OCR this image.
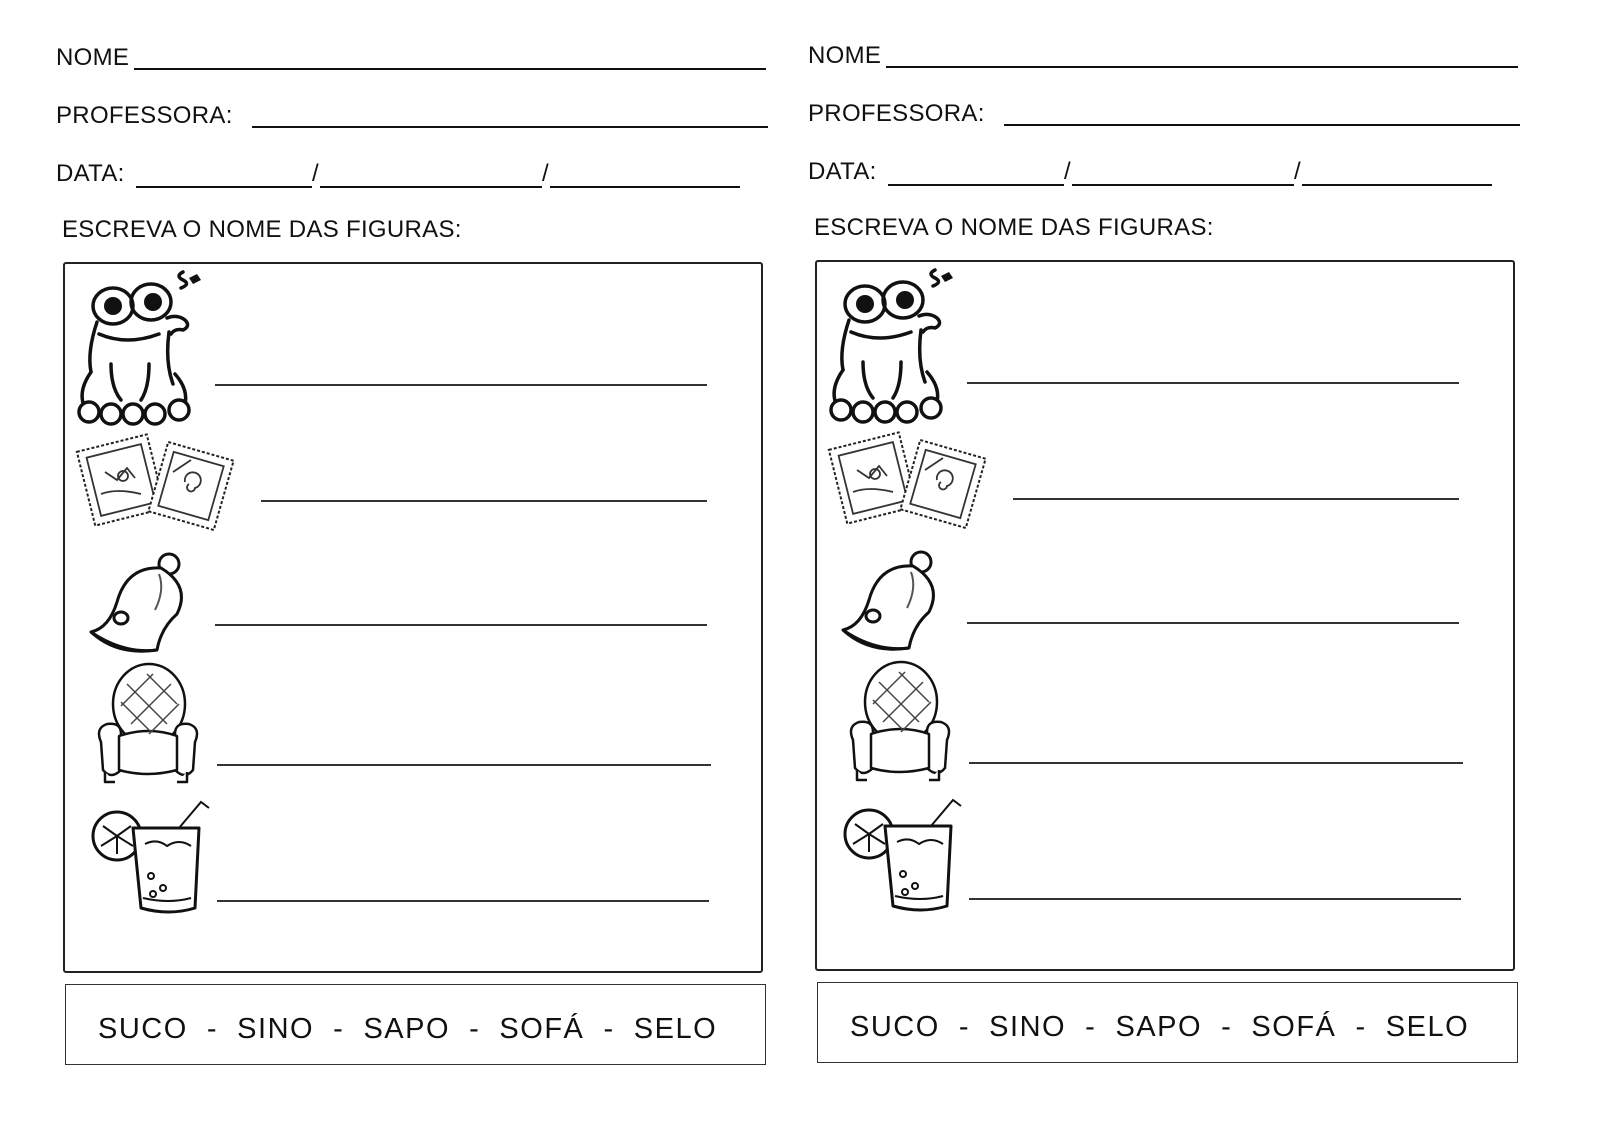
NOME
PROFESSORA:
DATA:	/	/
ESCREVA O NOME DAS FIGURAS:
SUCO  -  SINO  -  SAPO  -  SOFÁ  -  SELO
NOME
PROFESSORA:
DATA:	/	/
ESCREVA O NOME DAS FIGURAS:
SUCO  -  SINO  -  SAPO  -  SOFÁ  -  SELO
